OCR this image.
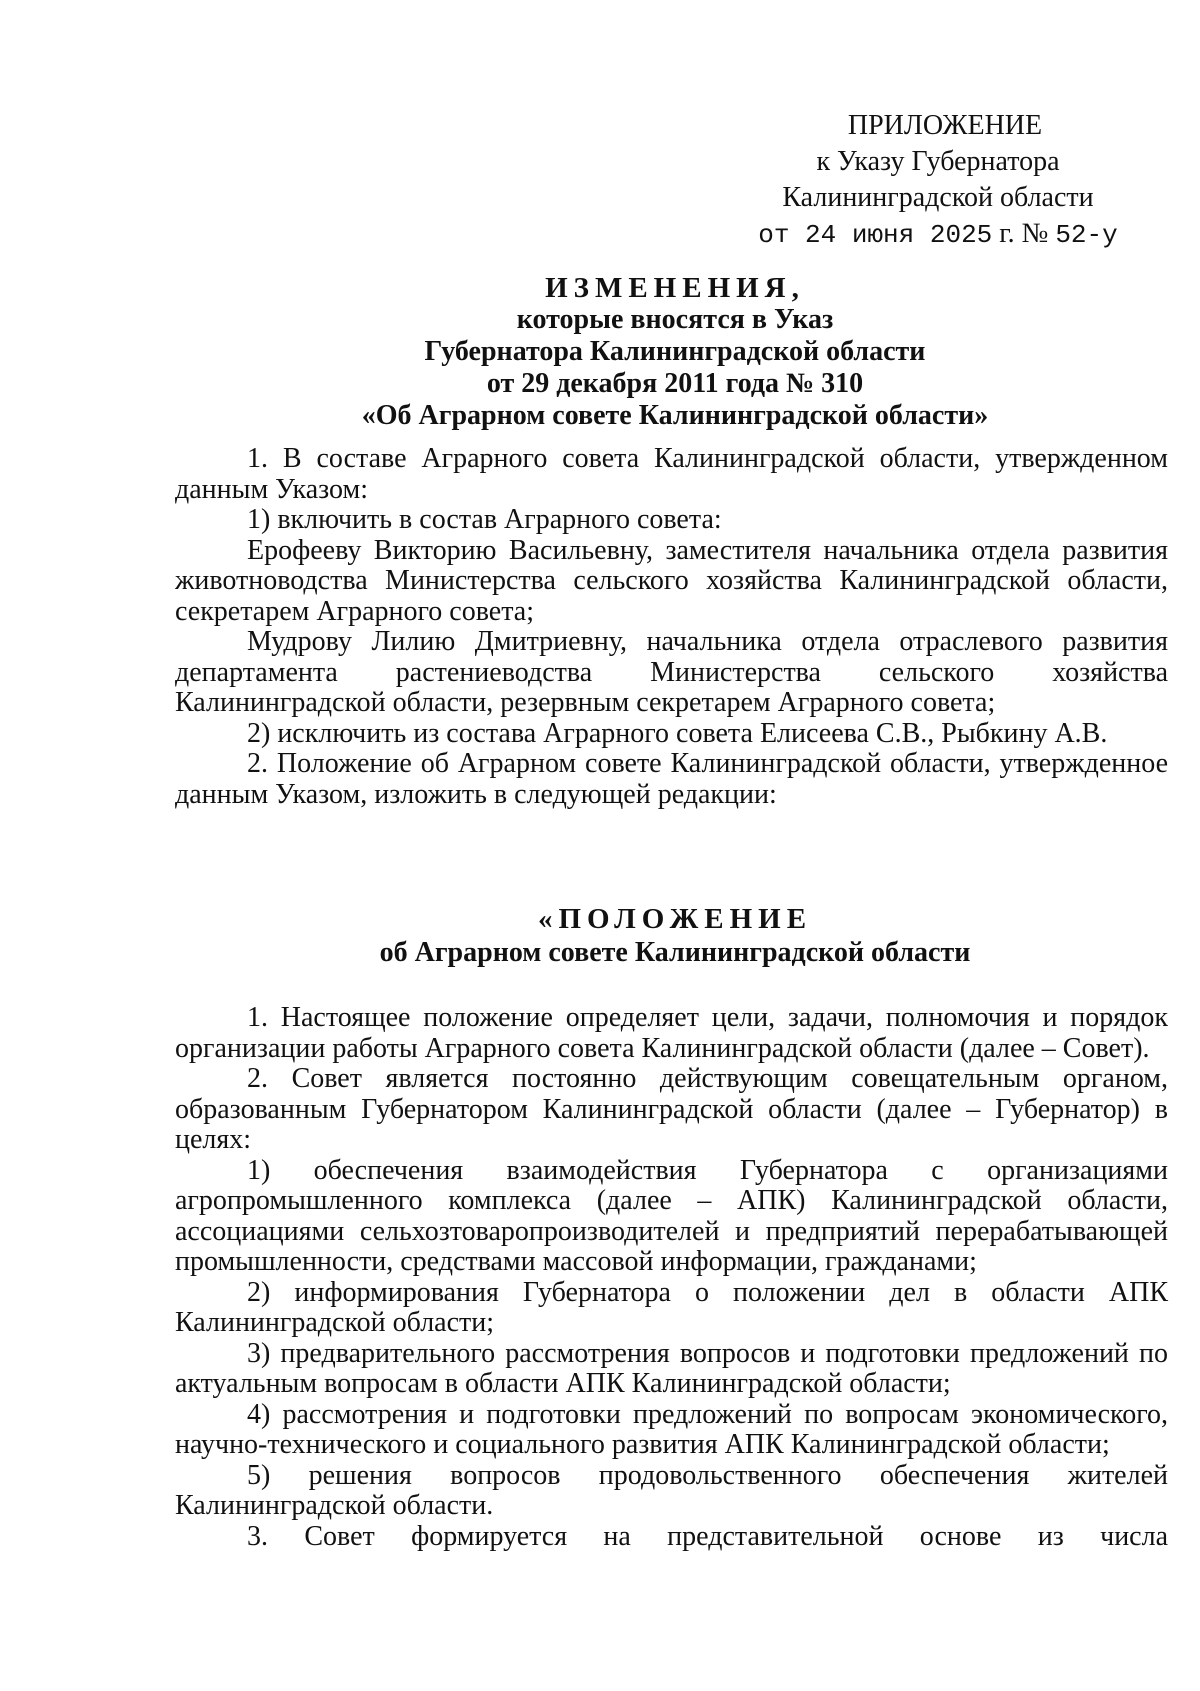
ПРИЛОЖЕНИЕ
к Указу Губернатора
Калининградской области
от 24 июня 2025 г. № 52-у
ИЗМЕНЕНИЯ,
которые вносятся в Указ
Губернатора Калининградской области
от 29 декабря 2011 года № 310
«Об Аграрном совете Калининградской области»

1. В составе Аграрного совета Калининградской области, утвержденном данным Указом:

1) включить в состав Аграрного совета:

Ерофееву Викторию Васильевну, заместителя начальника отдела развития животноводства Министерства сельского хозяйства Калининградской области, секретарем Аграрного совета;

Мудрову Лилию Дмитриевну, начальника отдела отраслевого развития департамента растениеводства Министерства сельского хозяйства Калининградской области, резервным секретарем Аграрного совета;

2) исключить из состава Аграрного совета Елисеева С.В., Рыбкину А.В.

2. Положение об Аграрном совете Калининградской области, утвержденное данным Указом, изложить в следующей редакции:

«ПОЛОЖЕНИЕ
об Аграрном совете Калининградской области

1. Настоящее положение определяет цели, задачи, полномочия и порядок организации работы Аграрного совета Калининградской области (далее – Совет).

2. Совет является постоянно действующим совещательным органом, образованным Губернатором Калининградской области (далее – Губернатор) в целях:

1) обеспечения взаимодействия Губернатора с организациями агропромышленного комплекса (далее – АПК) Калининградской области, ассоциациями сельхозтоваропроизводителей и предприятий перерабатывающей промышленности, средствами массовой информации, гражданами;

2) информирования Губернатора о положении дел в области АПК Калининградской области;

3) предварительного рассмотрения вопросов и подготовки предложений по актуальным вопросам в области АПК Калининградской области;

4) рассмотрения и подготовки предложений по вопросам экономического, научно-технического и социального развития АПК Калининградской области;

5) решения вопросов продовольственного обеспечения жителей Калининградской области.

3. Совет формируется на представительной основе из числа
